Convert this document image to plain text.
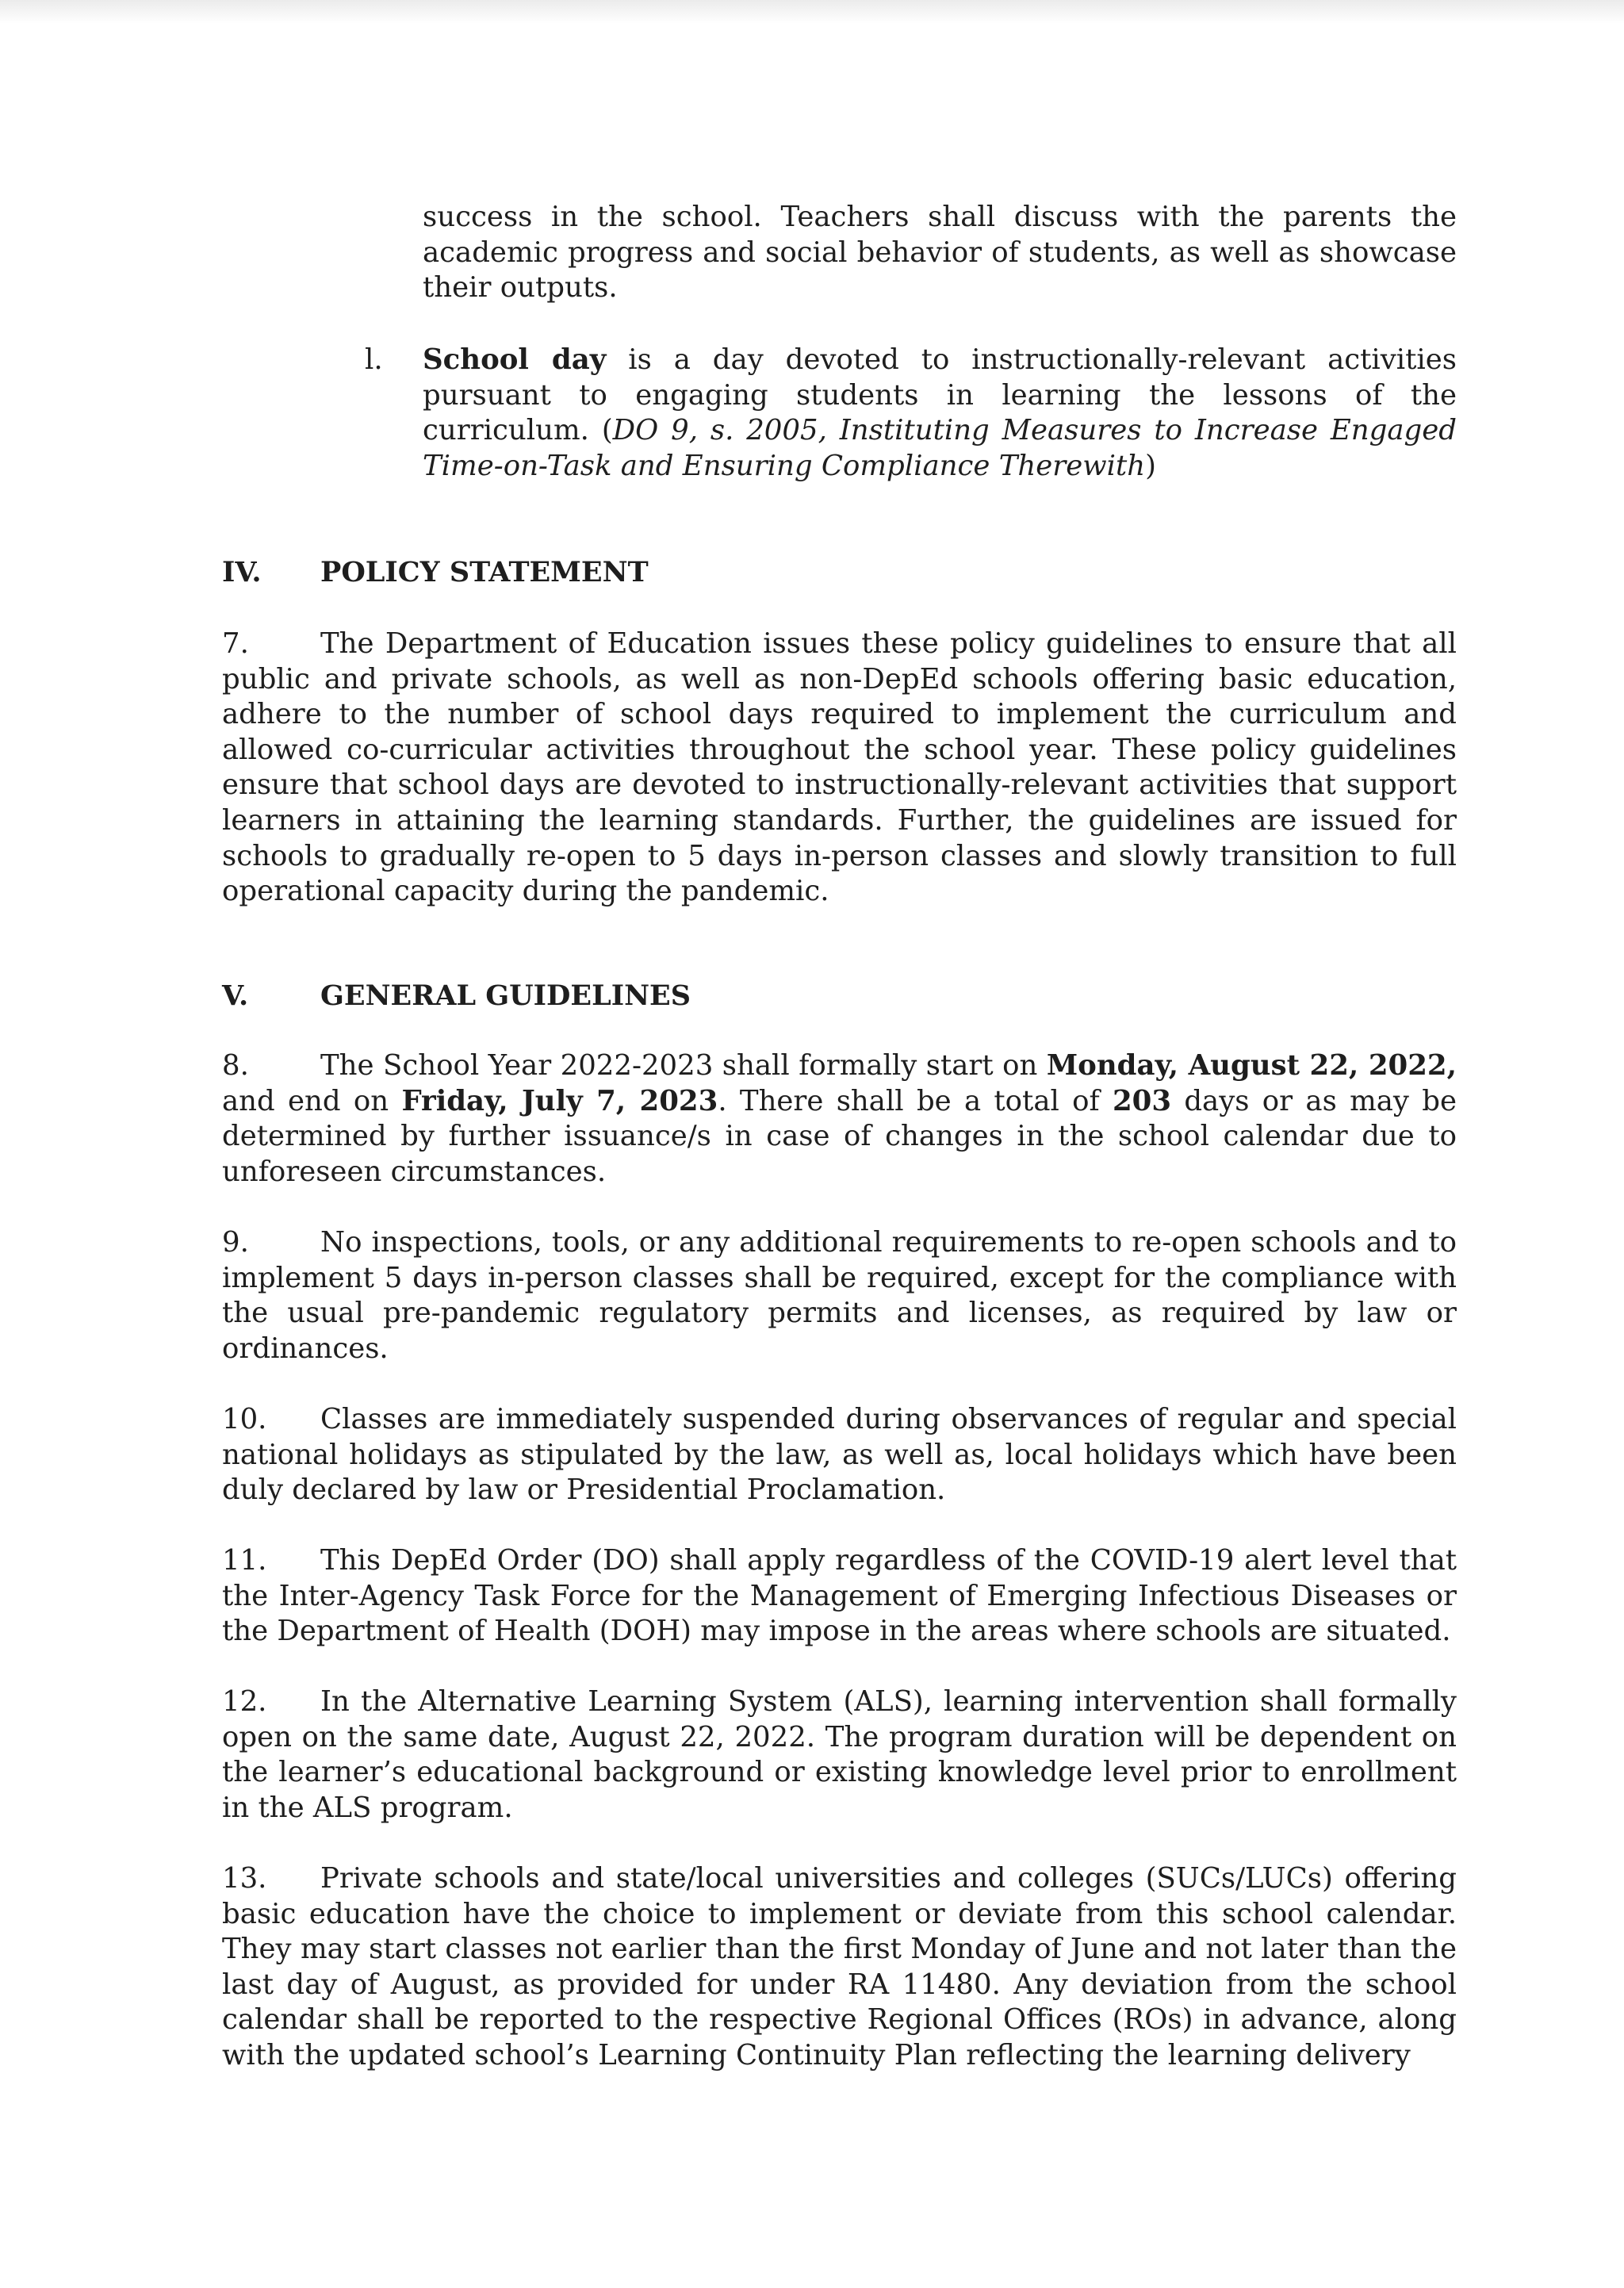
success in the school. Teachers shall discuss with the parents the academic progress and social behavior of students, as well as showcase their outputs.

l. School day is a day devoted to instructionally-relevant activities pursuant to engaging students in learning the lessons of the curriculum. (DO 9, s. 2005, Instituting Measures to Increase Engaged Time-on-Task and Ensuring Compliance Therewith)

IV. POLICY STATEMENT

7.	The Department of Education issues these policy guidelines to ensure that all public and private schools, as well as non-DepEd schools offering basic education, adhere to the number of school days required to implement the curriculum and allowed co-curricular activities throughout the school year. These policy guidelines ensure that school days are devoted to instructionally-relevant activities that support learners in attaining the learning standards. Further, the guidelines are issued for schools to gradually re-open to 5 days in-person classes and slowly transition to full operational capacity during the pandemic.

V.	GENERAL GUIDELINES

8.	The School Year 2022-2023 shall formally start on Monday, August 22, 2022, and end on Friday, July 7, 2023. There shall be a total of 203 days or as may be determined by further issuance/s in case of changes in the school calendar due to unforeseen circumstances.

9.	No inspections, tools, or any additional requirements to re-open schools and to implement 5 days in-person classes shall be required, except for the compliance with the usual pre-pandemic regulatory permits and licenses, as required by law or ordinances.

10. Classes are immediately suspended during observances of regular and special national holidays as stipulated by the law, as well as, local holidays which have been duly declared by law or Presidential Proclamation.

11. This DepEd Order (DO) shall apply regardless of the COVID-19 alert level that the Inter-Agency Task Force for the Management of Emerging Infectious Diseases or the Department of Health (DOH) may impose in the areas where schools are situated.

12. In the Alternative Learning System (ALS), learning intervention shall formally open on the same date, August 22, 2022. The program duration will be dependent on the learner’s educational background or existing knowledge level prior to enrollment in the ALS program.

13. Private schools and state/local universities and colleges (SUCs/LUCs) offering basic education have the choice to implement or deviate from this school calendar. They may start classes not earlier than the first Monday of June and not later than the last day of August, as provided for under RA 11480. Any deviation from the school calendar shall be reported to the respective Regional Offices (ROs) in advance, along with the updated school’s Learning Continuity Plan reflecting the learning delivery
